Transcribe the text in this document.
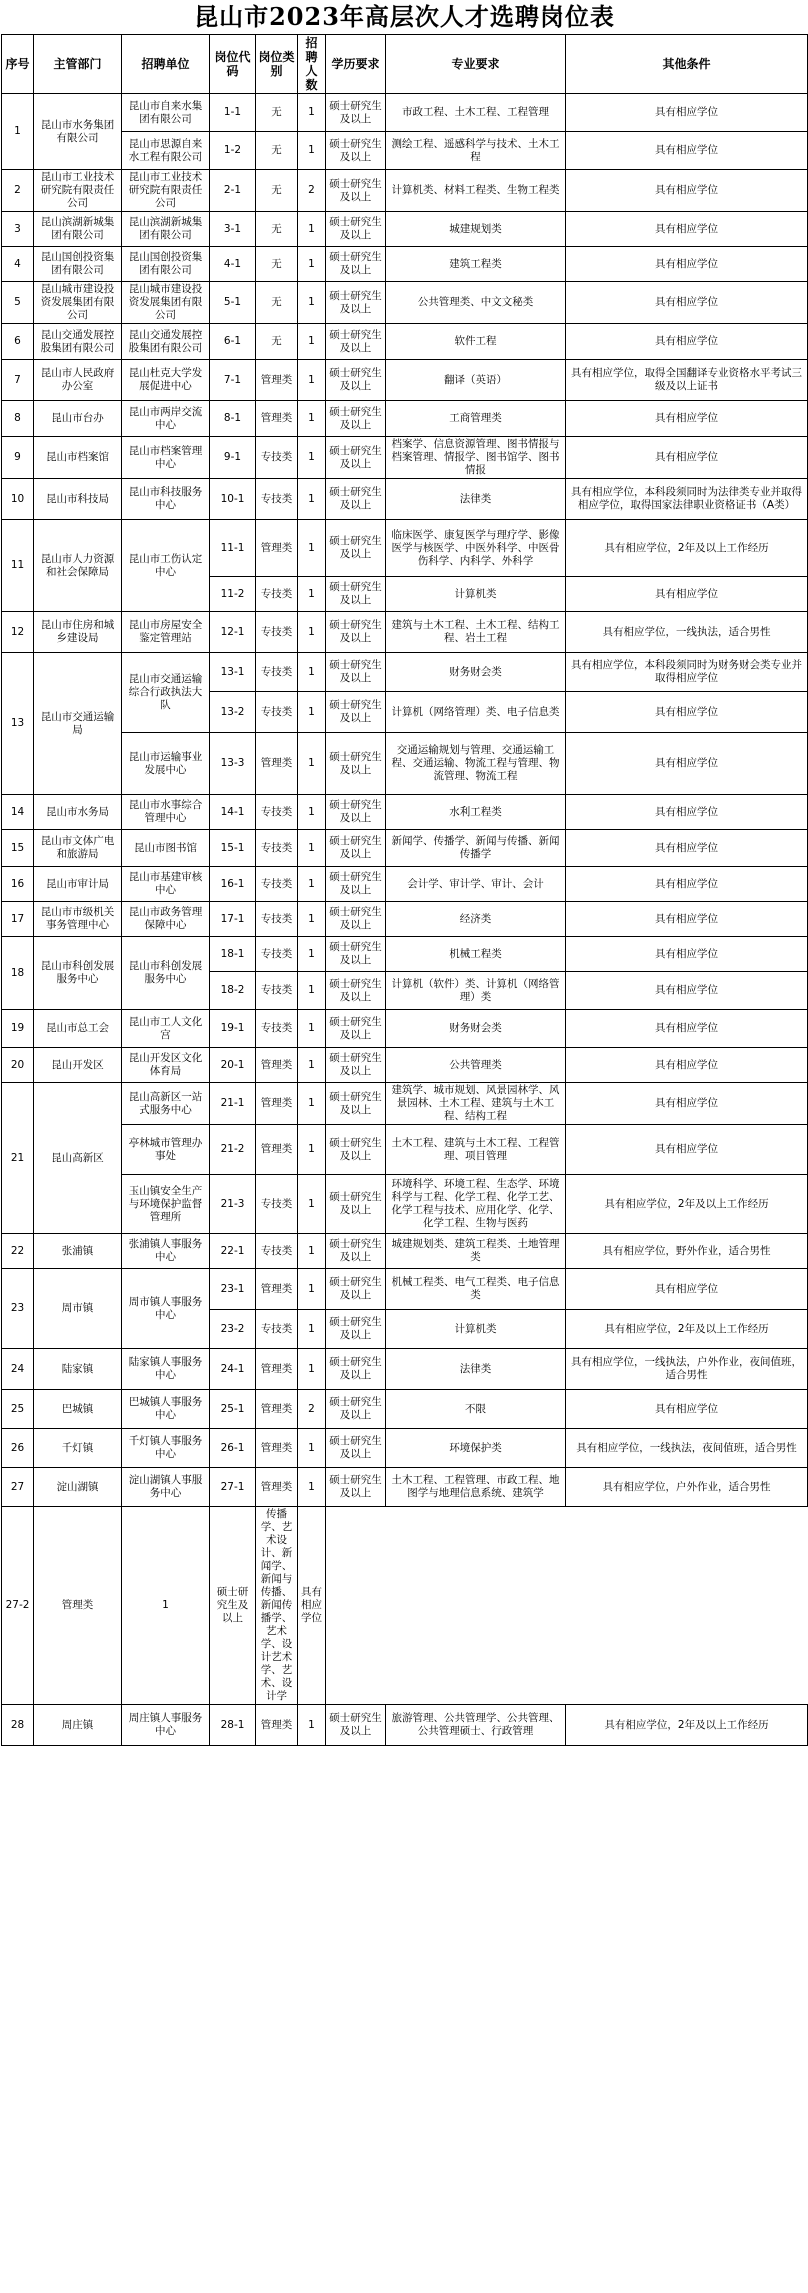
昆山市2023年高层次人才选聘岗位表
序号	主管部门	招聘单位	岗位代码	岗位类别	招聘人数	学历要求	专业要求	其他条件
1	昆山市水务集团有限公司	昆山市自来水集团有限公司	1-1	无	1	硕士研究生及以上	市政工程、土木工程、工程管理	具有相应学位
		昆山市思源自来水工程有限公司	1-2	无	1	硕士研究生及以上	测绘工程、遥感科学与技术、土木工程	具有相应学位
2	昆山市工业技术研究院有限责任公司	昆山市工业技术研究院有限责任公司	2-1	无	2	硕士研究生及以上	计算机类、材料工程类、生物工程类	具有相应学位
3	昆山滨湖新城集团有限公司	昆山滨湖新城集团有限公司	3-1	无	1	硕士研究生及以上	城建规划类	具有相应学位
4	昆山国创投资集团有限公司	昆山国创投资集团有限公司	4-1	无	1	硕士研究生及以上	建筑工程类	具有相应学位
5	昆山城市建设投资发展集团有限公司	昆山城市建设投资发展集团有限公司	5-1	无	1	硕士研究生及以上	公共管理类、中文文秘类	具有相应学位
6	昆山交通发展控股集团有限公司	昆山交通发展控股集团有限公司	6-1	无	1	硕士研究生及以上	软件工程	具有相应学位
7	昆山市人民政府办公室	昆山杜克大学发展促进中心	7-1	管理类	1	硕士研究生及以上	翻译（英语）	具有相应学位，取得全国翻译专业资格水平考试三级及以上证书
8	昆山市台办	昆山市两岸交流中心	8-1	管理类	1	硕士研究生及以上	工商管理类	具有相应学位
9	昆山市档案馆	昆山市档案管理中心	9-1	专技类	1	硕士研究生及以上	档案学、信息资源管理、图书情报与档案管理、情报学、图书馆学、图书情报	具有相应学位
10	昆山市科技局	昆山市科技服务中心	10-1	专技类	1	硕士研究生及以上	法律类	具有相应学位，本科段须同时为法律类专业并取得相应学位，取得国家法律职业资格证书（A类）
11	昆山市人力资源和社会保障局	昆山市工伤认定中心	11-1	管理类	1	硕士研究生及以上	临床医学、康复医学与理疗学、影像医学与核医学、中医外科学、中医骨伤科学、内科学、外科学	具有相应学位，2年及以上工作经历
			11-2	专技类	1	硕士研究生及以上	计算机类	具有相应学位
12	昆山市住房和城乡建设局	昆山市房屋安全鉴定管理站	12-1	专技类	1	硕士研究生及以上	建筑与土木工程、土木工程、结构工程、岩土工程	具有相应学位，一线执法，适合男性
13	昆山市交通运输局	昆山市交通运输综合行政执法大队	13-1	专技类	1	硕士研究生及以上	财务财会类	具有相应学位，本科段须同时为财务财会类专业并取得相应学位
			13-2	专技类	1	硕士研究生及以上	计算机（网络管理）类、电子信息类	具有相应学位
		昆山市运输事业发展中心	13-3	管理类	1	硕士研究生及以上	交通运输规划与管理、交通运输工程、交通运输、物流工程与管理、物流管理、物流工程	具有相应学位
14	昆山市水务局	昆山市水事综合管理中心	14-1	专技类	1	硕士研究生及以上	水利工程类	具有相应学位
15	昆山市文体广电和旅游局	昆山市图书馆	15-1	专技类	1	硕士研究生及以上	新闻学、传播学、新闻与传播、新闻传播学	具有相应学位
16	昆山市审计局	昆山市基建审核中心	16-1	专技类	1	硕士研究生及以上	会计学、审计学、审计、会计	具有相应学位
17	昆山市市级机关事务管理中心	昆山市政务管理保障中心	17-1	专技类	1	硕士研究生及以上	经济类	具有相应学位
18	昆山市科创发展服务中心	昆山市科创发展服务中心	18-1	专技类	1	硕士研究生及以上	机械工程类	具有相应学位
			18-2	专技类	1	硕士研究生及以上	计算机（软件）类、计算机（网络管理）类	具有相应学位
19	昆山市总工会	昆山市工人文化宫	19-1	专技类	1	硕士研究生及以上	财务财会类	具有相应学位
20	昆山开发区	昆山开发区文化体育局	20-1	管理类	1	硕士研究生及以上	公共管理类	具有相应学位
21	昆山高新区	昆山高新区一站式服务中心	21-1	管理类	1	硕士研究生及以上	建筑学、城市规划、风景园林学、风景园林、土木工程、建筑与土木工程、结构工程	具有相应学位
		亭林城市管理办事处	21-2	管理类	1	硕士研究生及以上	土木工程、建筑与土木工程、工程管理、项目管理	具有相应学位
		玉山镇安全生产与环境保护监督管理所	21-3	专技类	1	硕士研究生及以上	环境科学、环境工程、生态学、环境科学与工程、化学工程、化学工艺、化学工程与技术、应用化学、化学、化学工程、生物与医药	具有相应学位，2年及以上工作经历
22	张浦镇	张浦镇人事服务中心	22-1	专技类	1	硕士研究生及以上	城建规划类、建筑工程类、土地管理类	具有相应学位，野外作业，适合男性
23	周市镇	周市镇人事服务中心	23-1	管理类	1	硕士研究生及以上	机械工程类、电气工程类、电子信息类	具有相应学位
			23-2	专技类	1	硕士研究生及以上	计算机类	具有相应学位，2年及以上工作经历
24	陆家镇	陆家镇人事服务中心	24-1	管理类	1	硕士研究生及以上	法律类	具有相应学位，一线执法，户外作业，夜间值班，适合男性
25	巴城镇	巴城镇人事服务中心	25-1	管理类	2	硕士研究生及以上	不限	具有相应学位
26	千灯镇	千灯镇人事服务中心	26-1	管理类	1	硕士研究生及以上	环境保护类	具有相应学位，一线执法，夜间值班，适合男性
27	淀山湖镇	淀山湖镇人事服务中心	27-1	管理类	1	硕士研究生及以上	土木工程、工程管理、市政工程、地图学与地理信息系统、建筑学	具有相应学位，户外作业，适合男性
27-2	管理类	1	硕士研究生及以上	传播学、艺术设计、新闻学、新闻与传播、新闻传播学、艺术学、设计艺术学、艺术、设计学	具有相应学位			
28	周庄镇	周庄镇人事服务中心	28-1	管理类	1	硕士研究生及以上	旅游管理、公共管理学、公共管理、公共管理硕士、行政管理	具有相应学位，2年及以上工作经历
